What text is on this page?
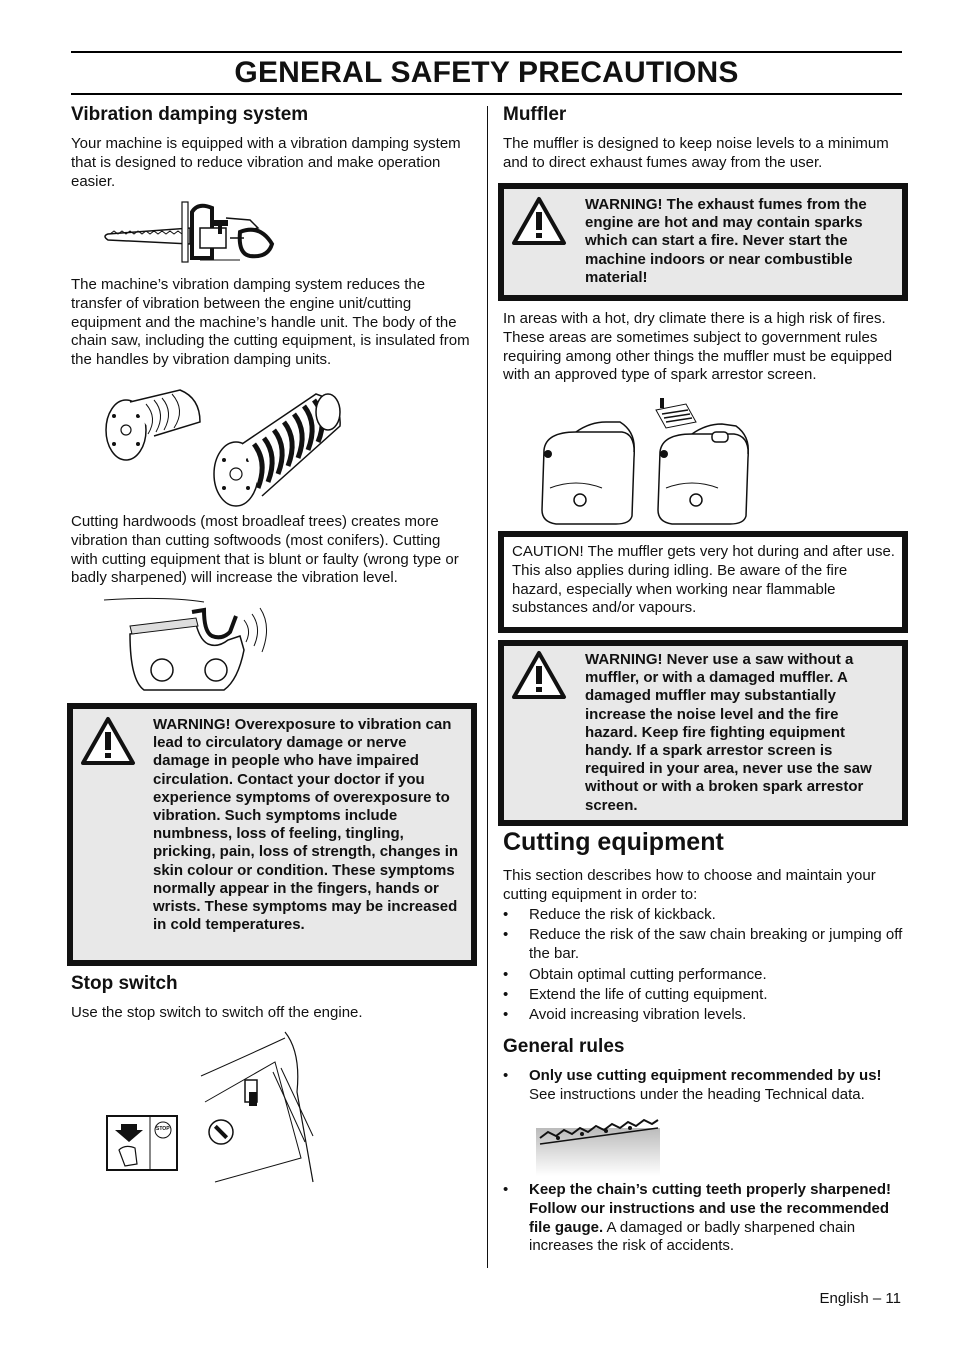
GENERAL SAFETY PRECAUTIONS
Vibration damping system

Your machine is equipped with a vibration damping system that is designed to reduce vibration and make operation easier.

The machine’s vibration damping system reduces the transfer of vibration between the engine unit/cutting equipment and the machine’s handle unit. The body of the chain saw, including the cutting equipment, is insulated from the handles by vibration damping units.

Cutting hardwoods (most broadleaf trees) creates more vibration than cutting softwoods (most conifers). Cutting with cutting equipment that is blunt or faulty (wrong type or badly sharpened) will increase the vibration level.

WARNING! Overexposure to vibration can lead to circulatory damage or nerve damage in people who have impaired circulation. Contact your doctor if you experience symptoms of overexposure to vibration. Such symptoms include numbness, loss of feeling, tingling, pricking, pain, loss of strength, changes in skin colour or condition. These symptoms normally appear in the fingers, hands or wrists. These symptoms may be increased in cold temperatures.

Stop switch

Use the stop switch to switch off the engine.

STOP
Muffler

The muffler is designed to keep noise levels to a minimum and to direct exhaust fumes away from the user.

WARNING! The exhaust fumes from the engine are hot and may contain sparks which can start a fire. Never start the machine indoors or near combustible material!

In areas with a hot, dry climate there is a high risk of fires. These areas are sometimes subject to government rules requiring among other things the muffler must be equipped with an approved type of spark arrestor screen.

CAUTION! The muffler gets very hot during and after use. This also applies during idling. Be aware of the fire hazard, especially when working near flammable substances and/or vapours.

WARNING! Never use a saw without a muffler, or with a damaged muffler. A damaged muffler may substantially increase the noise level and the fire hazard. Keep fire fighting equipment handy. If a spark arrestor screen is required in your area, never use the saw without or with a broken spark arrestor screen.

Cutting equipment

This section describes how to choose and maintain your cutting equipment in order to:

• Reduce the risk of kickback.
• Reduce the risk of the saw chain breaking or jumping off the bar.
• Obtain optimal cutting performance.
• Extend the life of cutting equipment.
• Avoid increasing vibration levels.
General rules
• Only use cutting equipment recommended by us! See instructions under the heading Technical data.
• Keep the chain’s cutting teeth properly sharpened! Follow our instructions and use the recommended file gauge. A damaged or badly sharpened chain increases the risk of accidents.
English – 11
